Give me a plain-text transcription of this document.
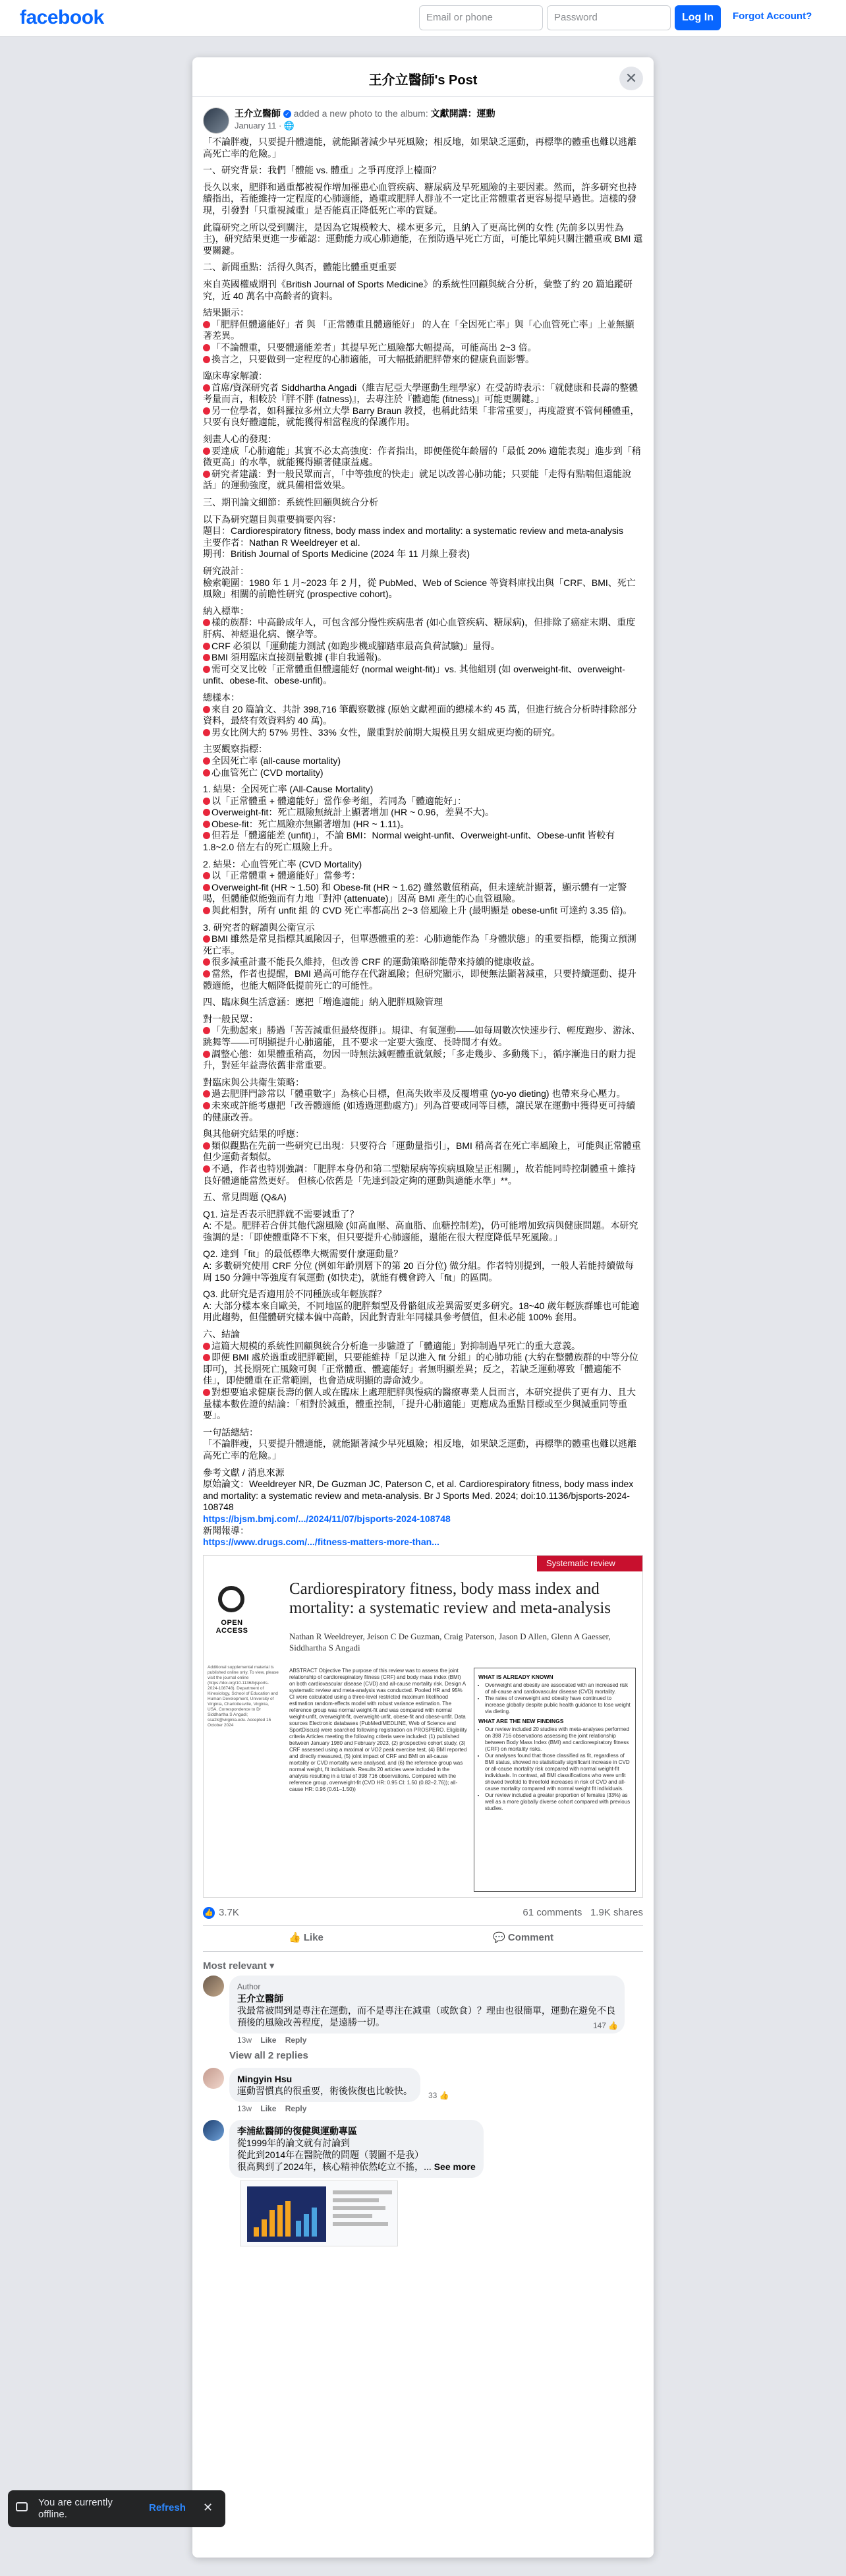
facebook	Email or phone	Password	Log In	Forgot Account?
王介立醫師's Post	✕
王介立醫師 ✓ added a new photo to the album: 文獻開講：運動
January 11 · 🌐

「不論胖瘦，只要提升體適能，就能顯著減少早死風險；相反地，如果缺乏運動，再標準的體重也難以逃離高死亡率的危險。」

一、研究背景：我們「體能 vs. 體重」之爭再度浮上檯面？

長久以來，肥胖和過重都被視作增加罹患心血管疾病、糖尿病及早死風險的主要因素。然而，許多研究也持續指出，若能維持一定程度的心肺適能，過重或肥胖人群並不一定比正常體重者更容易提早過世。這樣的發現，引發對「只重視減重」是否能真正降低死亡率的質疑。

此篇研究之所以受到關注，是因為它規模較大、樣本更多元，且納入了更高比例的女性 (先前多以男性為主)，研究結果更進一步確認：運動能力或心肺適能，在預防過早死亡方面，可能比單純只關注體重或 BMI 還要關鍵。

二、新聞重點：活得久與否，體能比體重更重要

來自英國權威期刊《British Journal of Sports Medicine》的系統性回顧與統合分析，彙整了約 20 篇追蹤研究，近 40 萬名中高齡者的資料。

結果顯示：

「肥胖但體適能好」者 與 「正常體重且體適能好」 的人在「全因死亡率」與「心血管死亡率」上並無顯著差異。

「不論體重，只要體適能差者」其提早死亡風險都大幅提高，可能高出 2~3 倍。

換言之，只要做到一定程度的心肺適能，可大幅抵銷肥胖帶來的健康負面影響。

臨床專家解讀：

首席/資深研究者 Siddhartha Angadi（維吉尼亞大學運動生理學家）在受訪時表示：「就健康和長壽的整體考量而言，相較於『胖不胖 (fatness)』，去專注於『體適能 (fitness)』可能更關鍵。」

另一位學者，如科羅拉多州立大學 Barry Braun 教授，也稱此結果「非常重要」，再度證實不管何種體重，只要有良好體適能，就能獲得相當程度的保護作用。

刻畫人心的發現：

要達成「心肺適能」其實不必太高強度：作者指出，即便僅從年齡層的「最低 20% 適能表現」進步到「稍微更高」的水準，就能獲得顯著健康益處。

研究者建議：對一般民眾而言，「中等強度的快走」就足以改善心肺功能；只要能「走得有點喘但還能說話」的運動強度，就具備相當效果。

三、期刊論文細節：系統性回顧與統合分析

以下為研究題目與重要摘要內容：

題目：Cardiorespiratory fitness, body mass index and mortality: a systematic review and meta-analysis

主要作者：Nathan R Weeldreyer et al.

期刊：British Journal of Sports Medicine (2024 年 11 月線上發表)

研究設計：

檢索範圍：1980 年 1 月~2023 年 2 月，從 PubMed、Web of Science 等資料庫找出與「CRF、BMI、死亡風險」相關的前瞻性研究 (prospective cohort)。

納入標準：

樣的族群：中高齡成年人，可包含部分慢性疾病患者 (如心血管疾病、糖尿病)，但排除了癌症末期、重度肝病、神經退化病、懷孕等。

CRF 必須以「運動能力測試 (如跑步機或腳踏車最高負荷試驗)」量得。

BMI 須用臨床直接測量數據 (非自我通報)。

需可交叉比較「正常體重但體適能好 (normal weight-fit)」vs. 其他組別 (如 overweight-fit、overweight-unfit、obese-fit、obese-unfit)。

總樣本：

來自 20 篇論文、共計 398,716 筆觀察數據 (原始文獻裡面的總樣本約 45 萬，但進行統合分析時排除部分資料，最終有效資料約 40 萬)。

男女比例大約 57% 男性、33% 女性，嚴重對於前期大規模且男女組成更均衡的研究。

主要觀察指標：

全因死亡率 (all-cause mortality)

心血管死亡 (CVD mortality)

1. 結果：全因死亡率 (All-Cause Mortality)

以「正常體重 + 體適能好」當作參考組，若同為「體適能好」：

Overweight-fit：死亡風險無統計上顯著增加 (HR ~ 0.96，差異不大)。

Obese-fit：死亡風險亦無顯著增加 (HR ~ 1.11)。

但若是「體適能差 (unfit)」，不論 BMI：Normal weight-unfit、Overweight-unfit、Obese-unfit 皆較有 1.8~2.0 倍左右的死亡風險上升。

2. 結果：心血管死亡率 (CVD Mortality)

以「正常體重 + 體適能好」當參考：

Overweight-fit (HR ~ 1.50) 和 Obese-fit (HR ~ 1.62) 雖然數值稍高，但未達統計顯著，顯示體有一定警喝，但體能似能強而有力地「對沖 (attenuate)」因高 BMI 產生的心血管風險。

與此相對，所有 unfit 組 的 CVD 死亡率都高出 2~3 倍風險上升 (最明顯是 obese-unfit 可達約 3.35 倍)。

3. 研究者的解讀與公衛宣示

BMI 雖然是常見指標其風險因子，但單憑體重的差：心肺適能作為「身體狀態」的重要指標，能獨立預測死亡率。

很多減重計畫不能長久維持，但改善 CRF 的運動策略卻能帶來持續的健康收益。

當然，作者也提醒，BMI 過高可能存在代謝風險；但研究顯示，即便無法顯著減重，只要持續運動、提升體適能，也能大幅降低提前死亡的可能性。

四、臨床與生活意涵：應把「增進適能」納入肥胖風險管理

對一般民眾：

「先動起來」勝過「苦苦減重但最終復胖」。規律、有氧運動——如每周數次快速步行、輕度跑步、游泳、跳舞等——可明顯提升心肺適能，且不要求一定要大強度、長時間才有效。

調整心態：如果體重稍高，勿因一時無法減輕體重就氣餒；「多走幾步、多動幾下」，循序漸進日的耐力提升，對延年益壽依舊非常重要。

對臨床與公共衛生策略：

過去肥胖門診常以「體重數字」為核心目標，但高失敗率及反覆增重 (yo-yo dieting) 也帶來身心壓力。

未來或許能考慮把「改善體適能 (如透過運動處方)」列為首要或同等目標，讓民眾在運動中獲得更可持續的健康改善。

與其他研究結果的呼應：

類似觀點在先前一些研究已出現：只要符合「運動量指引」，BMI 稍高者在死亡率風險上，可能與正常體重但少運動者類似。

不過，作者也特別強調：「肥胖本身仍和第二型糖尿病等疾病風險呈正相關」，故若能同時控制體重＋維持良好體適能當然更好。 但核心依舊是「先達到設定夠的運動與適能水準」**。

五、常見問題 (Q&A)

Q1. 這是否表示肥胖就不需要減重了？

A: 不是。肥胖若合併其他代謝風險 (如高血壓、高血脂、血糖控制差)，仍可能增加致病與健康問題。本研究強調的是：「即使體重降不下來，但只要提升心肺適能，還能在很大程度降低早死風險。」

Q2. 達到「fit」的最低標準大概需要什麼運動量？

A: 多數研究使用 CRF 分位 (例如年齡別層下的第 20 百分位) 做分組。作者特別提到，一般人若能持續做每周 150 分鐘中等強度有氧運動 (如快走)，就能有機會跨入「fit」的區間。

Q3. 此研究是否適用於不同種族或年輕族群？

A: 大部分樣本來自歐美，不同地區的肥胖類型及骨骼組成差異需要更多研究。18~40 歲年輕族群雖也可能適用此趨勢，但僅體研究樣本偏中高齡，因此對青壯年同樣具參考價值，但未必能 100% 套用。

六、結論

這篇大規模的系統性回顧與統合分析進一步驗證了「體適能」對抑制過早死亡的重大意義。

即便 BMI 處於過重或肥胖範圍，只要能維持「足以進入 fit 分組」的心肺功能 (大約在整體族群的中等分位即可)，其長期死亡風險可與「正常體重、體適能好」者無明顯差異；反之，若缺乏運動導致「體適能不佳」，即使體重在正常範圍，也會造成明顯的壽命減少。

對想要追求健康長壽的個人或在臨床上處理肥胖與慢病的醫療專業人員而言，本研究提供了更有力、且大量樣本數佐證的結論：「相對於減重，體重控制，「提升心肺適能」更應成為重點目標或至少與減重同等重要」。

一句話總結：

「不論胖瘦，只要提升體適能，就能顯著減少早死風險；相反地，如果缺乏運動，再標準的體重也難以逃離高死亡率的危險。」

參考文獻 / 消息來源

原始論文：Weeldreyer NR, De Guzman JC, Paterson C, et al. Cardiorespiratory fitness, body mass index and mortality: a systematic review and meta-analysis. Br J Sports Med. 2024; doi:10.1136/bjsports-2024-108748

https://bjsm.bmj.com/.../2024/11/07/bjsports-2024-108748

新聞報導：

https://www.drugs.com/.../fitness-matters-more-than...

Systematic review
OPEN ACCESS
Cardiorespiratory fitness, body mass index and mortality: a systematic review and meta-analysis
Nathan R Weeldreyer, Jeison C De Guzman, Craig Paterson, Jason D Allen, Glenn A Gaesser, Siddhartha S Angadi
Additional supplemental material is published online only. To view, please visit the journal online (https://doi.org/10.1136/bjsports-2024-108748). Department of Kinesiology, School of Education and Human Development, University of Virginia, Charlottesville, Virginia, USA. Correspondence to Dr Siddhartha S Angadi; ssa2k@virginia.edu. Accepted 15 October 2024
ABSTRACT Objective The purpose of this review was to assess the joint relationship of cardiorespiratory fitness (CRF) and body mass index (BMI) on both cardiovascular disease (CVD) and all-cause mortality risk. Design A systematic review and meta-analysis was conducted. Pooled HR and 95% CI were calculated using a three-level restricted maximum likelihood estimation random-effects model with robust variance estimation. The reference group was normal weight-fit and was compared with normal weight-unfit, overweight-fit, overweight-unfit, obese-fit and obese-unfit. Data sources Electronic databases (PubMed/MEDLINE, Web of Science and SportDiscus) were searched following registration on PROSPERO. Eligibility criteria Articles meeting the following criteria were included: (1) published between January 1980 and February 2023, (2) prospective cohort study, (3) CRF assessed using a maximal or VO2 peak exercise test, (4) BMI reported and directly measured, (5) joint impact of CRF and BMI on all-cause mortality or CVD mortality were analysed, and (6) the reference group was normal weight, fit individuals. Results 20 articles were included in the analysis resulting in a total of 398 716 observations. Compared with the reference group, overweight-fit (CVD HR: 0.95 CI: 1.50 (0.82–2.76)); all-cause HR: 0.96 (0.61–1.50))
WHAT IS ALREADY KNOWN
• Overweight and obesity are associated with an increased risk of all-cause and cardiovascular disease (CVD) mortality.
• The rates of overweight and obesity have continued to increase globally despite public health guidance to lose weight via dieting.
WHAT ARE THE NEW FINDINGS
• Our review included 20 studies with meta-analyses performed on 398 716 observations assessing the joint relationship between Body Mass Index (BMI) and cardiorespiratory fitness (CRF) on mortality risks.
• Our analyses found that those classified as fit, regardless of BMI status, showed no statistically significant increase in CVD or all-cause mortality risk compared with normal weight-fit individuals. In contrast, all BMI classifications who were unfit showed twofold to threefold increases in risk of CVD and all-cause mortality compared with normal weight fit individuals.
• Our review included a greater proportion of females (33%) as well as a more globally diverse cohort compared with previous studies.
👍 3.7K	61 comments 1.9K shares
👍 Like	💬 Comment
Most relevant ▾
Author
王介立醫師
我最常被問到是專注在運動，而不是專注在減重（或飲食）？理由也很簡單，運動在避免不良預後的風險改善程度，是遠勝一切。
13w Like Reply
147 👍
View all 2 replies
Mingyin Hsu
運動習慣真的很重要，術後恢復也比較快。
13w Like Reply
33 👍
李浦紘醫師的復健與運動專區
從1999年的論文就有討論到
從此到2014年在醫院做的問題（製圖不是我）
很高興到了2024年，核心精神依然屹立不搖，... See more
You are currently
offline.
Refresh ✕
